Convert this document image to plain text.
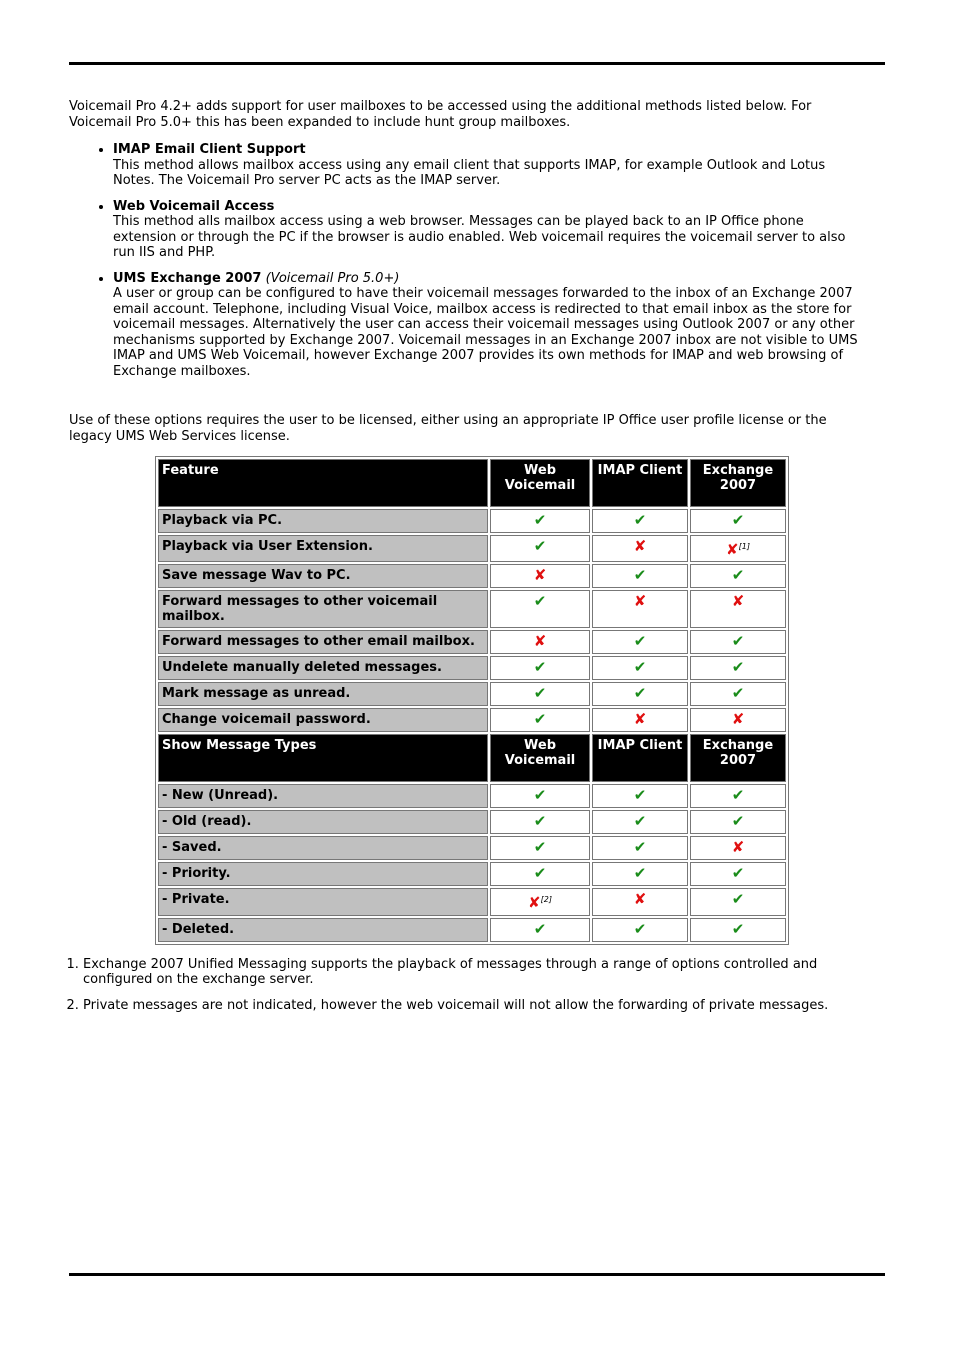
Voicemail Pro 4.2+ adds support for user mailboxes to be accessed using the additional methods listed below. For Voicemail Pro 5.0+ this has been expanded to include hunt group mailboxes.

• IMAP Email Client Support
This method allows mailbox access using any email client that supports IMAP, for example Outlook and Lotus Notes. The Voicemail Pro server PC acts as the IMAP server.
• Web Voicemail Access
This method alls mailbox access using a web browser. Messages can be played back to an IP Office phone extension or through the PC if the browser is audio enabled. Web voicemail requires the voicemail server to also run IIS and PHP.
• UMS Exchange 2007 (Voicemail Pro 5.0+)
A user or group can be configured to have their voicemail messages forwarded to the inbox of an Exchange 2007 email account. Telephone, including Visual Voice, mailbox access is redirected to that email inbox as the store for voicemail messages. Alternatively the user can access their voicemail messages using Outlook 2007 or any other mechanisms supported by Exchange 2007. Voicemail messages in an Exchange 2007 inbox are not visible to UMS IMAP and UMS Web Voicemail, however Exchange 2007 provides its own methods for IMAP and web browsing of Exchange mailboxes.

Use of these options requires the user to be licensed, either using an appropriate IP Office user profile license or the legacy UMS Web Services license.

Feature	Web Voicemail	IMAP Client	Exchange 2007
Playback via PC.	✔	✔	✔
Playback via User Extension.	✔	✘	✘[1]
Save message Wav to PC.	✘	✔	✔
Forward messages to other voicemail mailbox.	✔	✘	✘
Forward messages to other email mailbox.	✘	✔	✔
Undelete manually deleted messages.	✔	✔	✔
Mark message as unread.	✔	✔	✔
Change voicemail password.	✔	✘	✘
Show Message Types	Web Voicemail	IMAP Client	Exchange 2007
- New (Unread).	✔	✔	✔
- Old (read).	✔	✔	✔
- Saved.	✔	✔	✘
- Priority.	✔	✔	✔
- Private.	✘[2]	✘	✔
- Deleted.	✔	✔	✔
1. Exchange 2007 Unified Messaging supports the playback of messages through a range of options controlled and configured on the exchange server.
2. Private messages are not indicated, however the web voicemail will not allow the forwarding of private messages.
